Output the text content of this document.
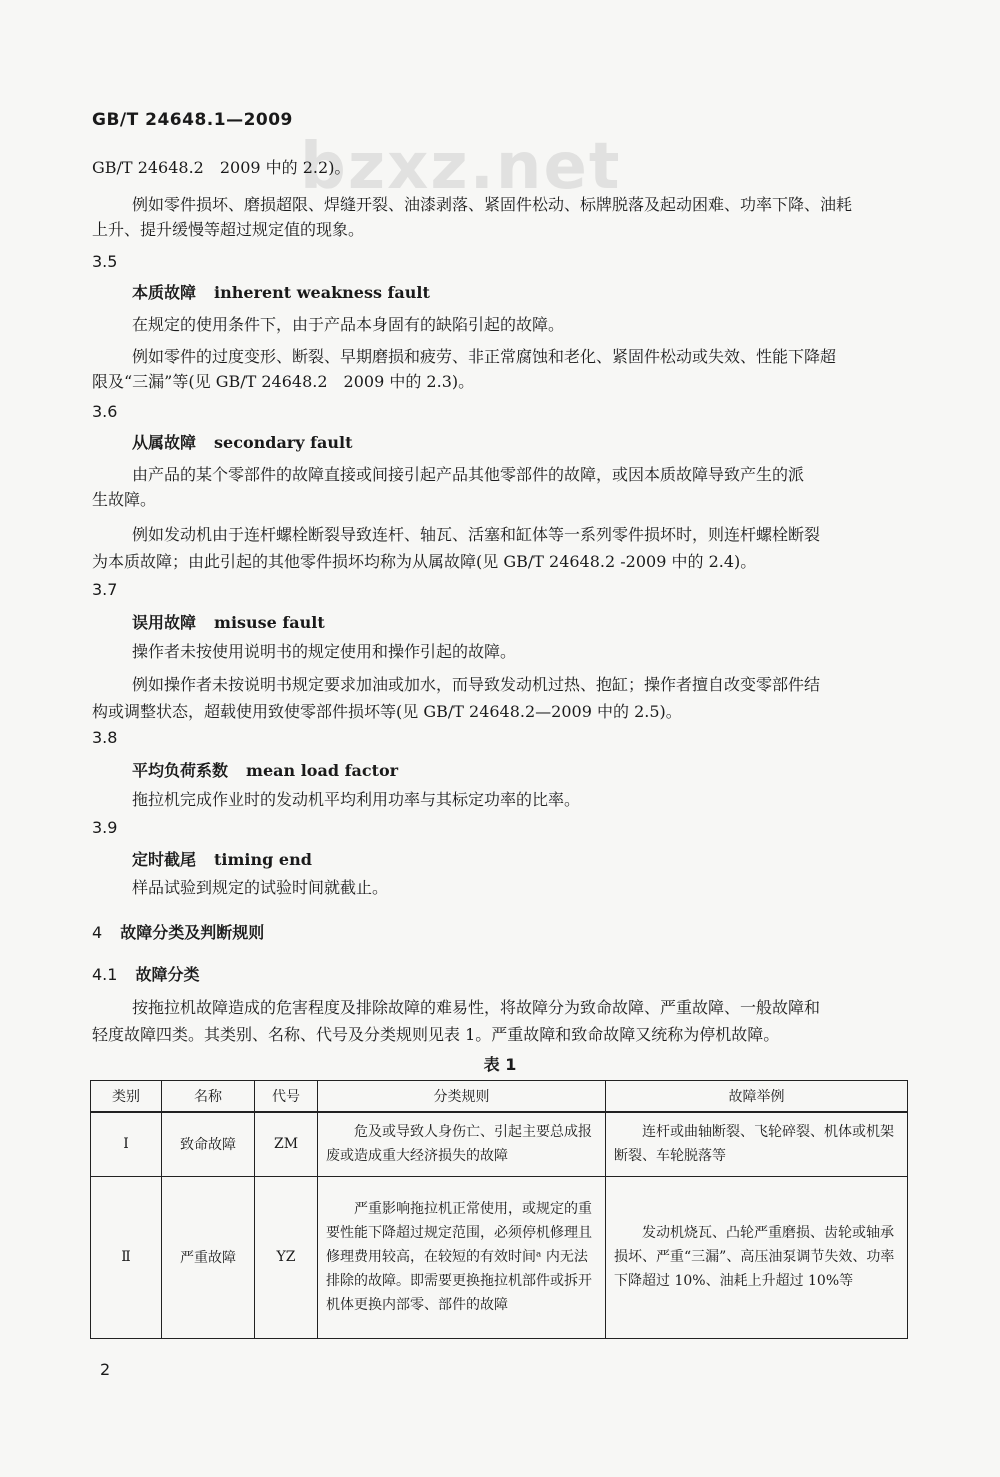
GB/T 24648.1—2009
bzxz.net
GB/T 24648.2　2009 中的 2.2)。
例如零件损坏、磨损超限、焊缝开裂、油漆剥落、紧固件松动、标牌脱落及起动困难、功率下降、油耗
上升、提升缓慢等超过规定值的现象。
3.5
本质故障 inherent weakness fault
在规定的使用条件下，由于产品本身固有的缺陷引起的故障。
例如零件的过度变形、断裂、早期磨损和疲劳、非正常腐蚀和老化、紧固件松动或失效、性能下降超
限及“三漏”等(见 GB/T 24648.2　2009 中的 2.3)。
3.6
从属故障 secondary fault
由产品的某个零部件的故障直接或间接引起产品其他零部件的故障，或因本质故障导致产生的派
生故障。
例如发动机由于连杆螺栓断裂导致连杆、轴瓦、活塞和缸体等一系列零件损坏时，则连杆螺栓断裂
为本质故障；由此引起的其他零件损坏均称为从属故障(见 GB/T 24648.2 -2009 中的 2.4)。
3.7
误用故障 misuse fault
操作者未按使用说明书的规定使用和操作引起的故障。
例如操作者未按说明书规定要求加油或加水，而导致发动机过热、抱缸；操作者擅自改变零部件结
构或调整状态，超载使用致使零部件损坏等(见 GB/T 24648.2—2009 中的 2.5)。
3.8
平均负荷系数 mean load factor
拖拉机完成作业时的发动机平均利用功率与其标定功率的比率。
3.9
定时截尾 timing end
样品试验到规定的试验时间就截止。
4 故障分类及判断规则
4.1 故障分类
按拖拉机故障造成的危害程度及排除故障的难易性，将故障分为致命故障、严重故障、一般故障和
轻度故障四类。其类别、名称、代号及分类规则见表 1。严重故障和致命故障又统称为停机故障。
表 1
类别	名称	代号	分类规则	故障举例
Ⅰ	致命故障	ZM	危及或导致人身伤亡、引起主要总成报废或造成重大经济损失的故障	连杆或曲轴断裂、飞轮碎裂、机体或机架断裂、车轮脱落等
Ⅱ	严重故障	YZ	严重影响拖拉机正常使用，或规定的重要性能下降超过规定范围，必须停机修理且修理费用较高，在较短的有效时间ᵃ 内无法排除的故障。即需要更换拖拉机部件或拆开机体更换内部零、部件的故障	发动机烧瓦、凸轮严重磨损、齿轮或轴承损坏、严重“三漏”、高压油泵调节失效、功率下降超过 10%、油耗上升超过 10%等
2
